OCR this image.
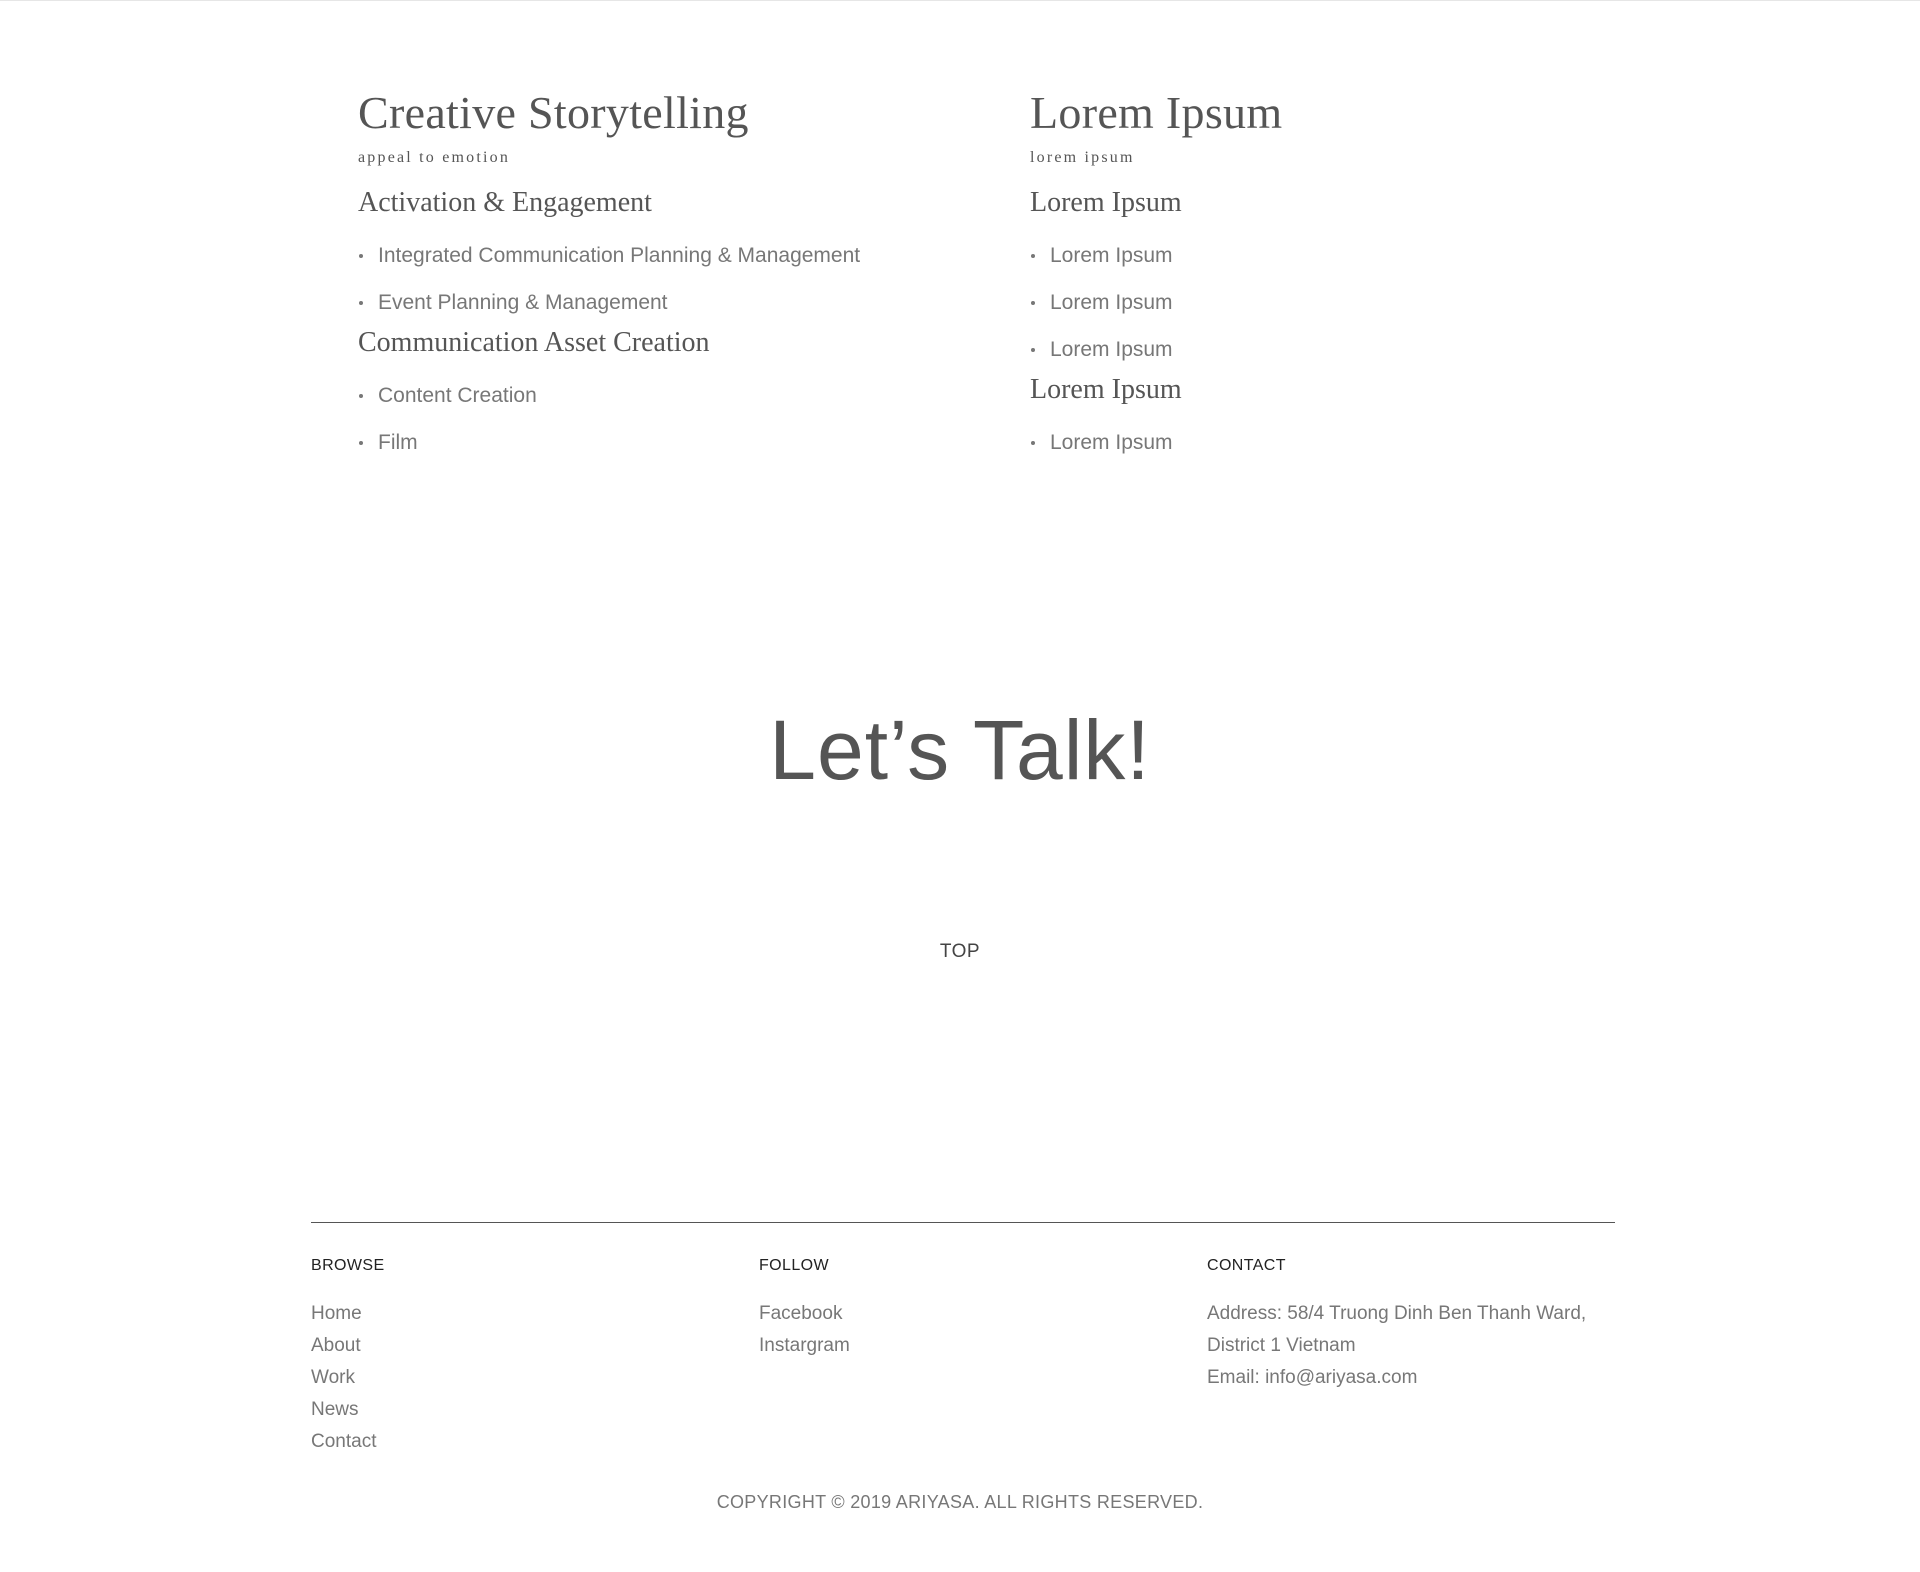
Creative Storytelling
appeal to emotion
Activation & Engagement
Integrated Communication Planning & Management
Event Planning & Management
Communication Asset Creation
Content Creation
Film
Lorem Ipsum
lorem ipsum
Lorem Ipsum
Lorem Ipsum
Lorem Ipsum
Lorem Ipsum
Lorem Ipsum
Lorem Ipsum
Let’s Talk!
TOP
BROWSE
Home
About
Work
News
Contact
FOLLOW
Facebook
Instargram
CONTACT
Address: 58/4 Truong Dinh Ben Thanh Ward,
District 1 Vietnam
Email: info@ariyasa.com
COPYRIGHT © 2019 ARIYASA. ALL RIGHTS RESERVED.
